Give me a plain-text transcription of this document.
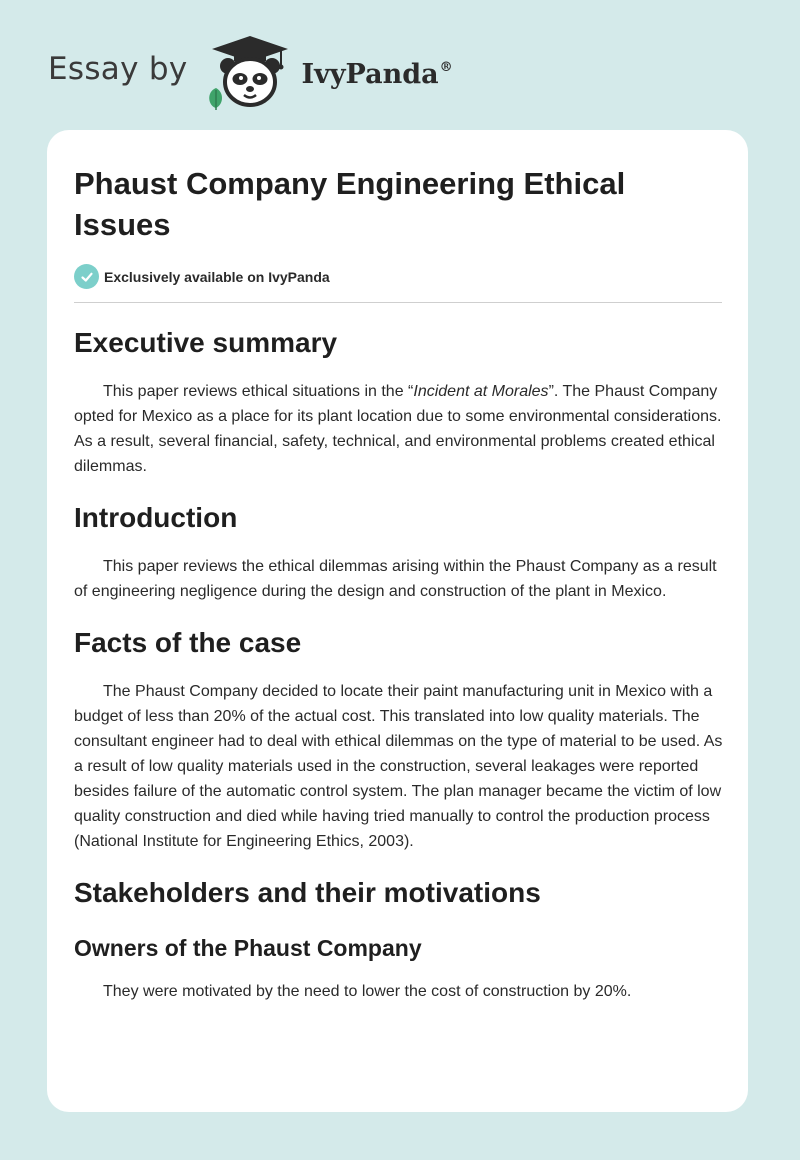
Essay by	IvyPanda®
Phaust Company Engineering Ethical Issues
Exclusively available on IvyPanda
Executive summary

This paper reviews ethical situations in the “Incident at Morales”. The Phaust Company opted for Mexico as a place for its plant location due to some environmental considerations. As a result, several financial, safety, technical, and environmental problems created ethical dilemmas.

Introduction

This paper reviews the ethical dilemmas arising within the Phaust Company as a result of engineering negligence during the design and construction of the plant in Mexico.

Facts of the case

The Phaust Company decided to locate their paint manufacturing unit in Mexico with a budget of less than 20% of the actual cost. This translated into low quality materials. The consultant engineer had to deal with ethical dilemmas on the type of material to be used. As a result of low quality materials used in the construction, several leakages were reported besides failure of the automatic control system. The plan manager became the victim of low quality construction and died while having tried manually to control the production process (National Institute for Engineering Ethics, 2003).

Stakeholders and their motivations
Owners of the Phaust Company

They were motivated by the need to lower the cost of construction by 20%.
